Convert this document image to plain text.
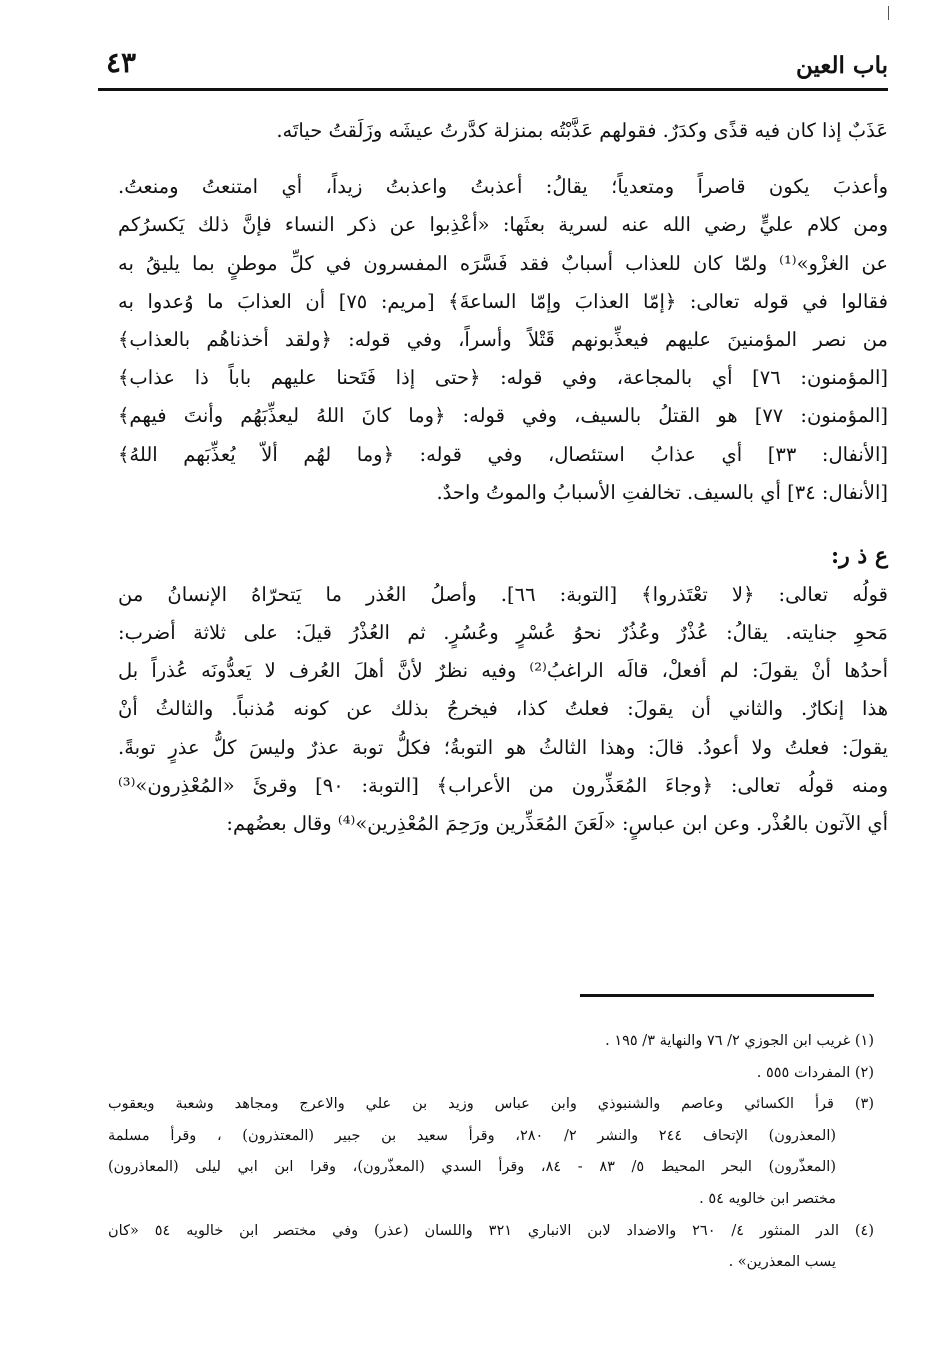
باب العين
٤٣
عَذَبٌ إذا كان فيه قذًى وكدَرٌ. فقولهم عَذَّبْتُه بمنزلة كدَّرتُ عيشَه وزَلَقتُ حياتَه.
وأعذبَ يكون قاصراً ومتعدياً؛ يقالُ: أعذبتُ واعذبتُ زيداً، أي امتنعتُ ومنعتُ.
ومن كلام عليٍّ رضي الله عنه لسرية بعثَها: «أعْذِبوا عن ذكر النساء فإنَّ ذلك يَكسرُكم
عن الغزْو»⁽¹⁾ ولمّا كان للعذاب أسبابٌ فقد فَسَّرَه المفسرون في كلِّ موطنٍ بما يليقُ به
فقالوا في قوله تعالى: ﴿إمّا العذابَ وإمّا الساعةَ﴾ [مريم: ٧٥] أن العذابَ ما وُعدوا به
من نصر المؤمنينَ عليهم فيعذِّبونهم قَتْلاً وأسراً، وفي قوله: ﴿ولقد أخذناهُم بالعذاب﴾
[المؤمنون: ٧٦] أي بالمجاعة، وفي قوله: ﴿حتى إذا فَتَحنا عليهم باباً ذا عذاب﴾
[المؤمنون: ٧٧] هو القتلُ بالسيف، وفي قوله: ﴿وما كانَ اللهُ ليعذِّبَهُم وأنتَ فيهم﴾
[الأنفال: ٣٣] أي عذابُ استئصال، وفي قوله: ﴿وما لهُم ألاّ يُعذِّبَهم اللهُ﴾
[الأنفال: ٣٤] أي بالسيف. تخالفتِ الأسبابُ والموتُ واحدٌ.
ع ذ ر:
قولُه تعالى: ﴿لا تعْتَذروا﴾ [التوبة: ٦٦]. وأصلُ العُذر ما يَتحرّاهُ الإنسانُ من
مَحوِ جنايته. يقالُ: عُذْرٌ وعُذُرٌ نحوُ عُسْرٍ وعُسُرٍ. ثم العُذْرُ قيلَ: على ثلاثة أضرب:
أحدُها أنْ يقولَ: لم أفعلْ، قالَه الراغبُ⁽²⁾ وفيه نظرٌ لأنَّ أهلَ العُرف لا يَعدُّونَه عُذراً بل
هذا إنكارٌ. والثاني أن يقولَ: فعلتُ كذا، فيخرجُ بذلك عن كونه مُذنباً. والثالثُ أنْ
يقولَ: فعلتُ ولا أعودُ. قالَ: وهذا الثالثُ هو التوبةُ؛ فكلُّ توبة عذرٌ وليسَ كلُّ عذرٍ توبةً.
ومنه قولُه تعالى: ﴿وجاءَ المُعَذِّرون من الأعراب﴾ [التوبة: ٩٠] وقرئَ «المُعْذِرون»⁽³⁾
أي الآتون بالعُذْر. وعن ابن عباسٍ: «لَعَنَ المُعَذِّرين ورَحِمَ المُعْذِرين»⁽⁴⁾ وقال بعضُهم:
(١) غريب ابن الجوزي ٢/ ٧٦ والنهاية ٣/ ١٩٥ .
(٢) المفردات ٥٥٥ .
(٣) قرأ الكسائي وعاصم والشنبوذي وابن عباس وزيد بن علي والاعرج ومجاهد وشعبة ويعقوب
(المعذرون) الإتحاف ٢٤٤ والنشر ٢/ ٢٨٠، وقرأ سعيد بن جبير (المعتذرون) ، وقرأ مسلمة
(المعذّرون) البحر المحيط ٥/ ٨٣ - ٨٤، وقرأ السدي (المعذّرون)، وقرا ابن ابي ليلى (المعاذرون)
مختصر ابن خالويه ٥٤ .
(٤) الدر المنثور ٤/ ٢٦٠ والاضداد لابن الانباري ٣٢١ واللسان (عذر) وفي مختصر ابن خالويه ٥٤ «كان
يسب المعذرين» .
